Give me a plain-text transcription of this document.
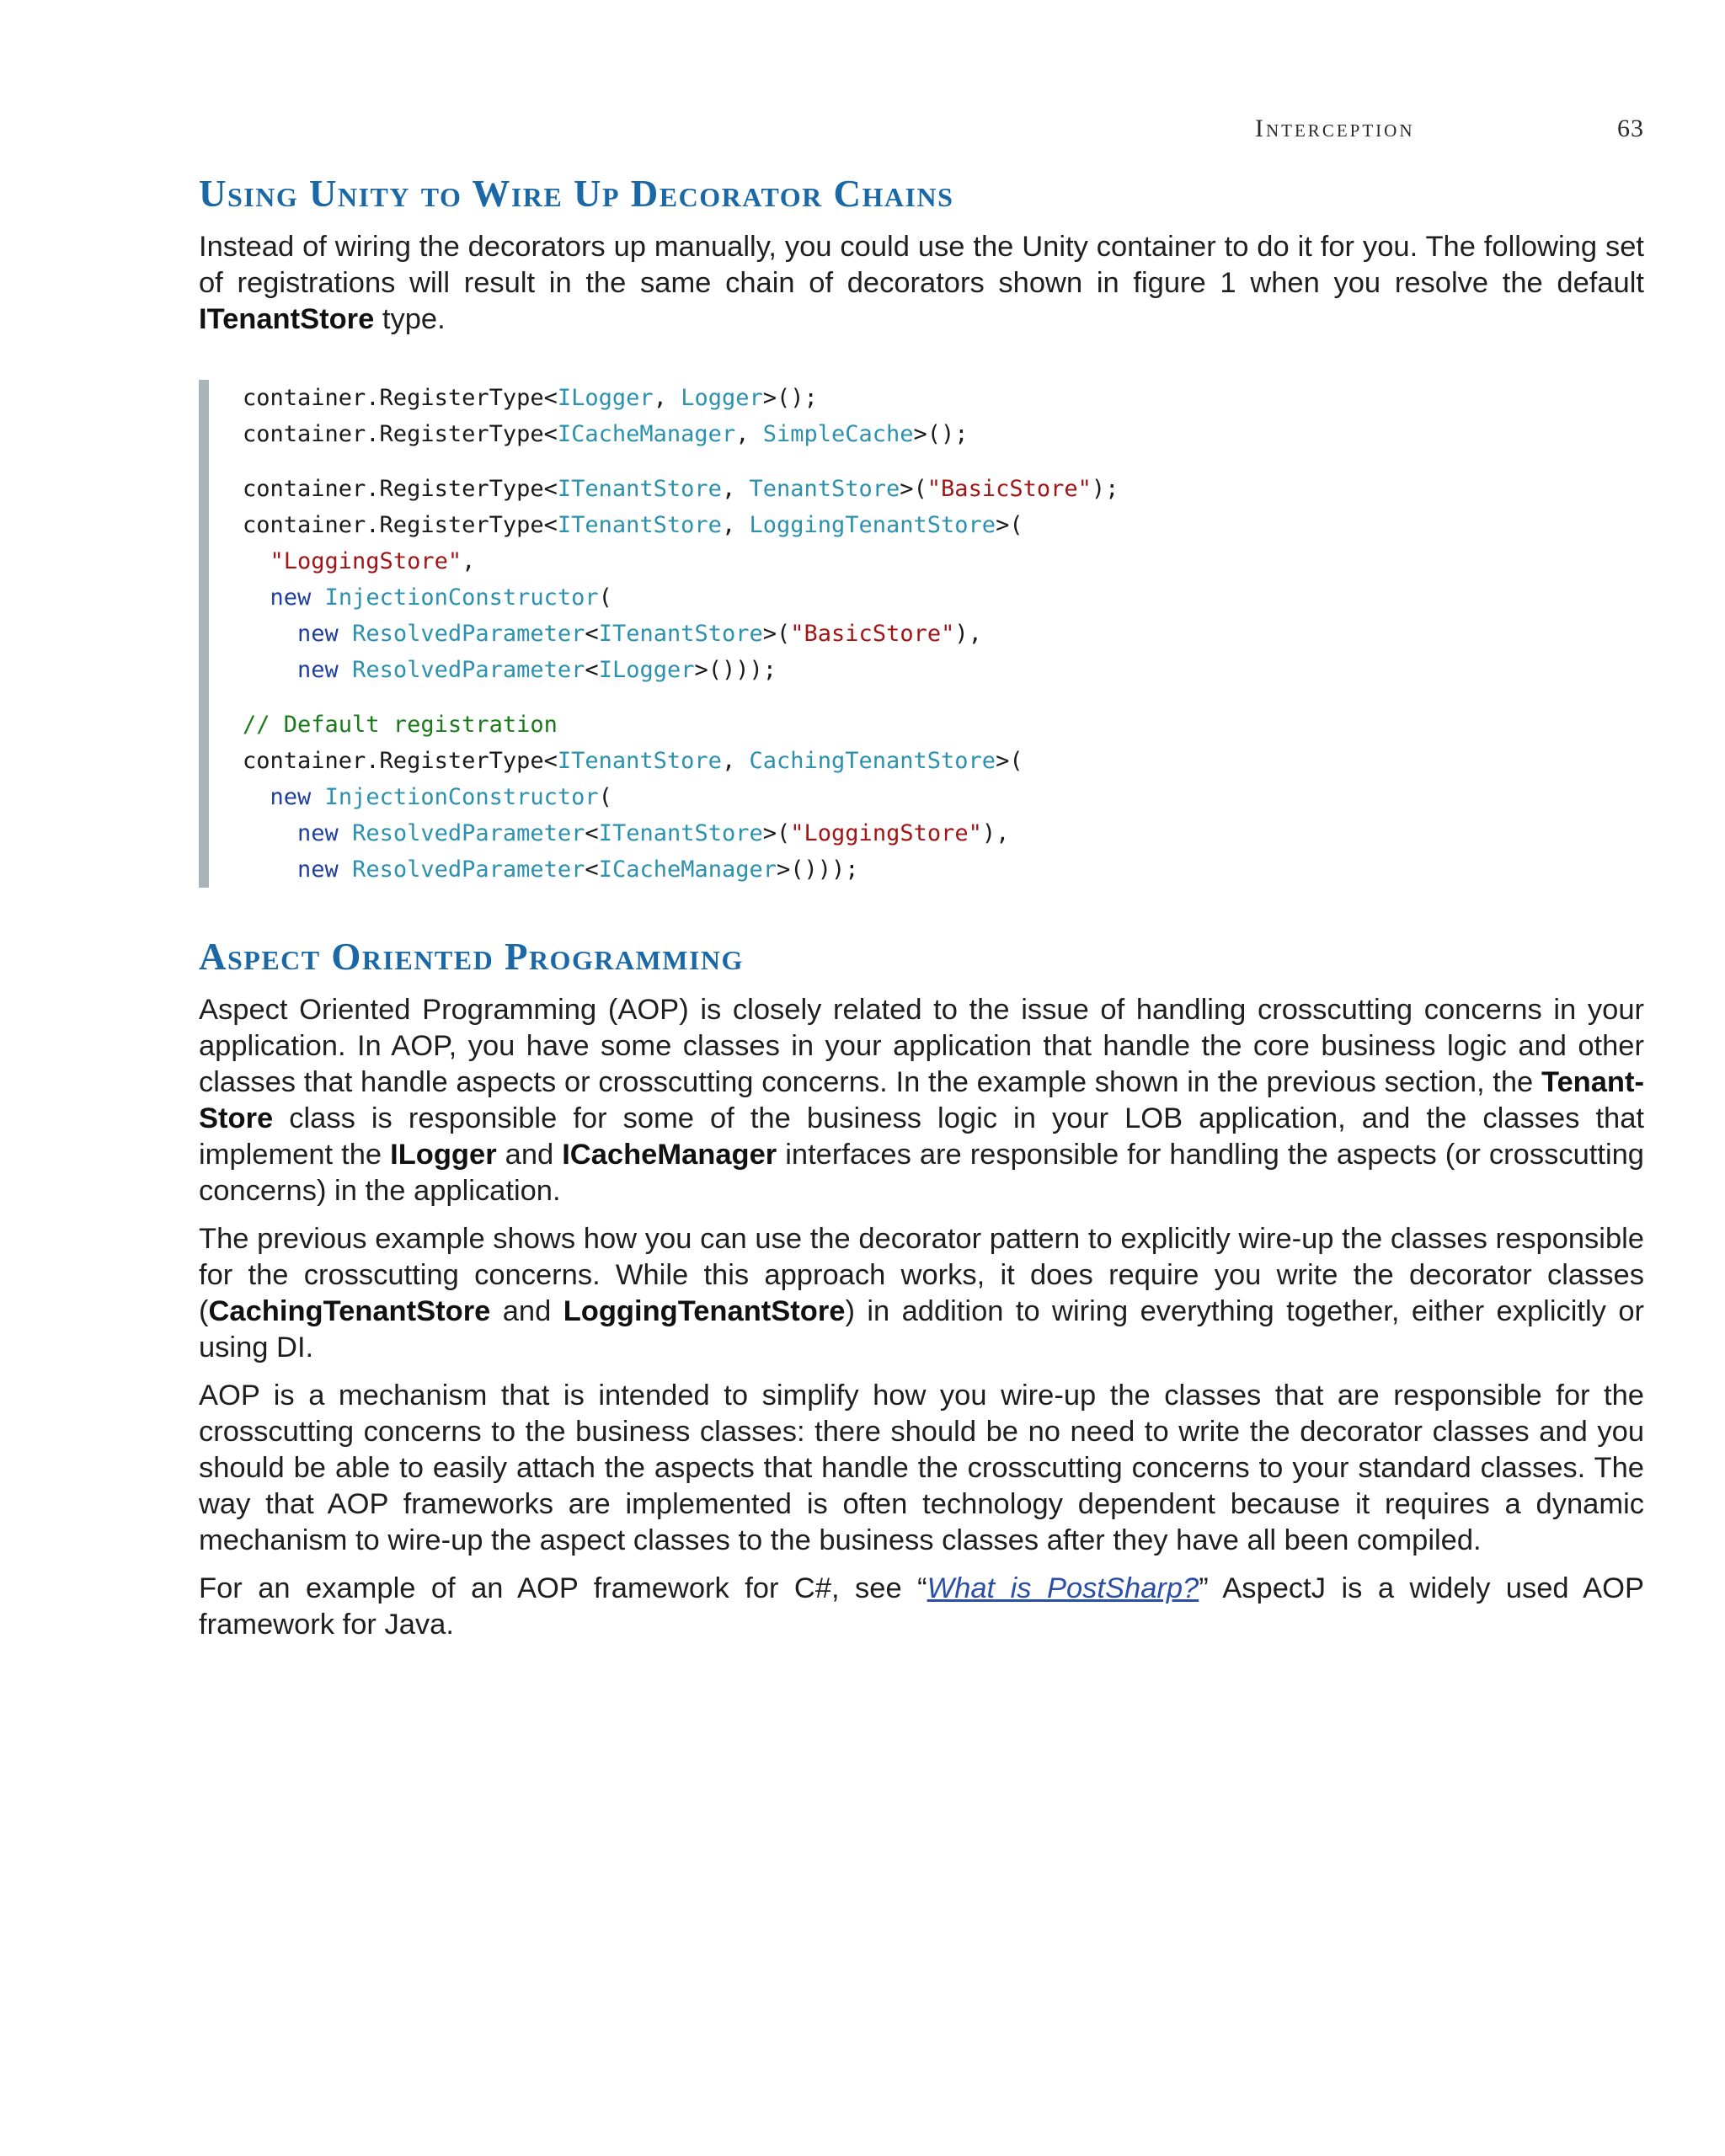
Interception	63
Using Unity to Wire Up Decorator Chains

Instead of wiring the decorators up manually, you could use the Unity container to do it for you. The following set of registrations will result in the same chain of decorators shown in figure 1 when you resolve the default ITenantStore type.

container.RegisterType<ILogger, Logger>();
container.RegisterType<ICacheManager, SimpleCache>();
container.RegisterType<ITenantStore, TenantStore>("BasicStore");
container.RegisterType<ITenantStore, LoggingTenantStore>(
"LoggingStore",
new InjectionConstructor(
new ResolvedParameter<ITenantStore>("BasicStore"),
new ResolvedParameter<ILogger>()));
// Default registration
container.RegisterType<ITenantStore, CachingTenantStore>(
new InjectionConstructor(
new ResolvedParameter<ITenantStore>("LoggingStore"),
new ResolvedParameter<ICacheManager>()));
Aspect Oriented Programming

Aspect Oriented Programming (AOP) is closely related to the issue of handling crosscutting concerns in your application. In AOP, you have some classes in your application that handle the core business logic and other classes that handle aspects or crosscutting concerns. In the example shown in the previous section, the TenantStore class is responsible for some of the business logic in your LOB application, and the classes that implement the ILogger and ICacheManager interfaces are responsible for handling the aspects (or crosscutting concerns) in the application.

The previous example shows how you can use the decorator pattern to explicitly wire-up the classes responsible for the crosscutting concerns. While this approach works, it does require you write the decorator classes (CachingTenantStore and LoggingTenantStore) in addition to wiring everything together, either explicitly or using DI.

AOP is a mechanism that is intended to simplify how you wire-up the classes that are responsible for the crosscutting concerns to the business classes: there should be no need to write the decorator classes and you should be able to easily attach the aspects that handle the crosscutting concerns to your standard classes. The way that AOP frameworks are implemented is often technology dependent because it requires a dynamic mechanism to wire-up the aspect classes to the business classes after they have all been compiled.

For an example of an AOP framework for C#, see “What is PostSharp?” AspectJ is a widely used AOP framework for Java.
